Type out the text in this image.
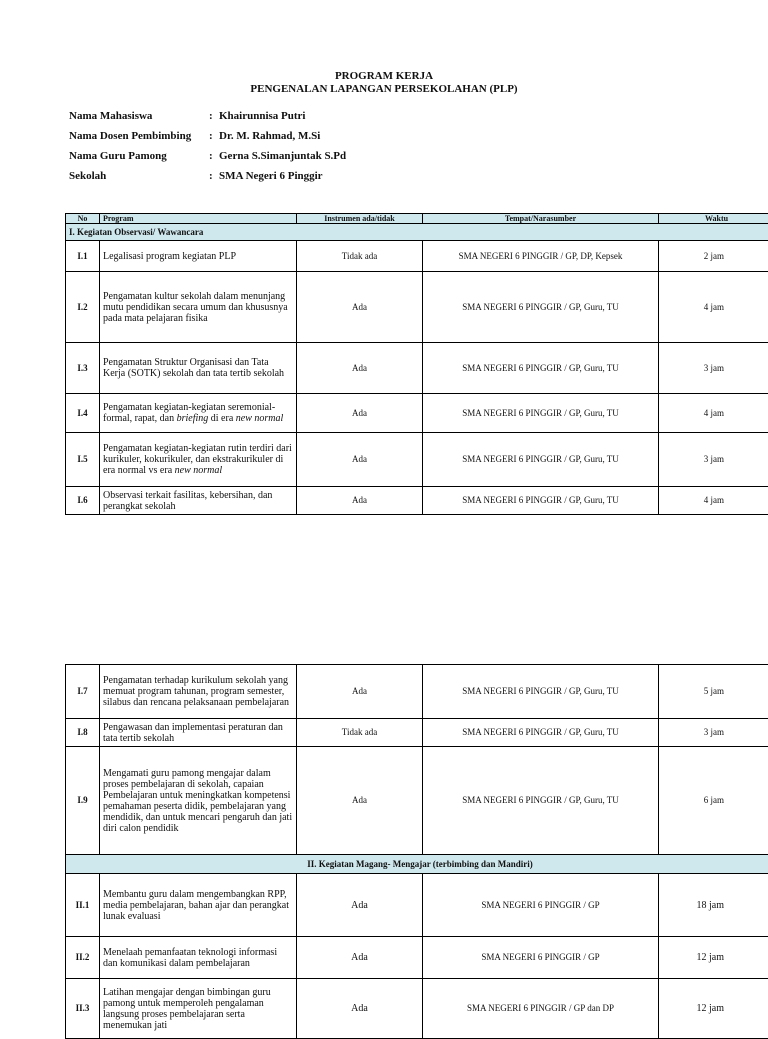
PROGRAM KERJA
PENGENALAN LAPANGAN PERSEKOLAHAN (PLP)
Nama Mahasiswa	: Khairunnisa Putri
Nama Dosen Pembimbing : Dr. M. Rahmad, M.Si
Nama Guru Pamong	: Gerna S.Simanjuntak S.Pd
Sekolah	: SMA Negeri 6 Pinggir
No	Program	Instrumen ada/tidak	Tempat/Narasumber	Waktu
I. Kegiatan Observasi/ Wawancara				
I.1	Legalisasi program kegiatan PLP	Tidak ada	SMA NEGERI 6 PINGGIR / GP, DP, Kepsek	2 jam
I.2	Pengamatan kultur sekolah dalam menunjang mutu pendidikan secara umum dan khususnya pada mata pelajaran fisika	Ada	SMA NEGERI 6 PINGGIR / GP, Guru, TU	4 jam
I.3	Pengamatan Struktur Organisasi dan Tata Kerja (SOTK) sekolah dan tata tertib sekolah	Ada	SMA NEGERI 6 PINGGIR / GP, Guru, TU	3 jam
I.4	Pengamatan kegiatan-kegiatan seremonial-formal, rapat, dan briefing di era new normal	Ada	SMA NEGERI 6 PINGGIR / GP, Guru, TU	4 jam
I.5	Pengamatan kegiatan-kegiatan rutin terdiri dari kurikuler, kokurikuler, dan ekstrakurikuler di era normal vs era new normal	Ada	SMA NEGERI 6 PINGGIR / GP, Guru, TU	3 jam
I.6	Observasi terkait fasilitas, kebersihan, dan perangkat sekolah	Ada	SMA NEGERI 6 PINGGIR / GP, Guru, TU	4 jam
I.7	Pengamatan terhadap kurikulum sekolah yang memuat program tahunan, program semester, silabus dan rencana pelaksanaan pembelajaran	Ada	SMA NEGERI 6 PINGGIR / GP, Guru, TU	5 jam
I.8	Pengawasan dan implementasi peraturan dan tata tertib sekolah	Tidak ada	SMA NEGERI 6 PINGGIR / GP, Guru, TU	3 jam
I.9	Mengamati guru pamong mengajar dalam proses pembelajaran di sekolah, capaian Pembelajaran untuk meningkatkan kompetensi pemahaman peserta didik, pembelajaran yang mendidik, dan untuk mencari pengaruh dan jati diri calon pendidik	Ada	SMA NEGERI 6 PINGGIR / GP, Guru, TU	6 jam
II. Kegiatan Magang- Mengajar (terbimbing dan Mandiri)				
II.1	Membantu guru dalam mengembangkan RPP, media pembelajaran, bahan ajar dan perangkat lunak evaluasi	Ada	SMA NEGERI 6 PINGGIR / GP	18 jam
II.2	Menelaah pemanfaatan teknologi informasi dan komunikasi dalam pembelajaran	Ada	SMA NEGERI 6 PINGGIR / GP	12 jam
II.3	Latihan mengajar dengan bimbingan guru pamong untuk memperoleh pengalaman langsung proses pembelajaran serta menemukan jati	Ada	SMA NEGERI 6 PINGGIR / GP dan DP	12 jam
